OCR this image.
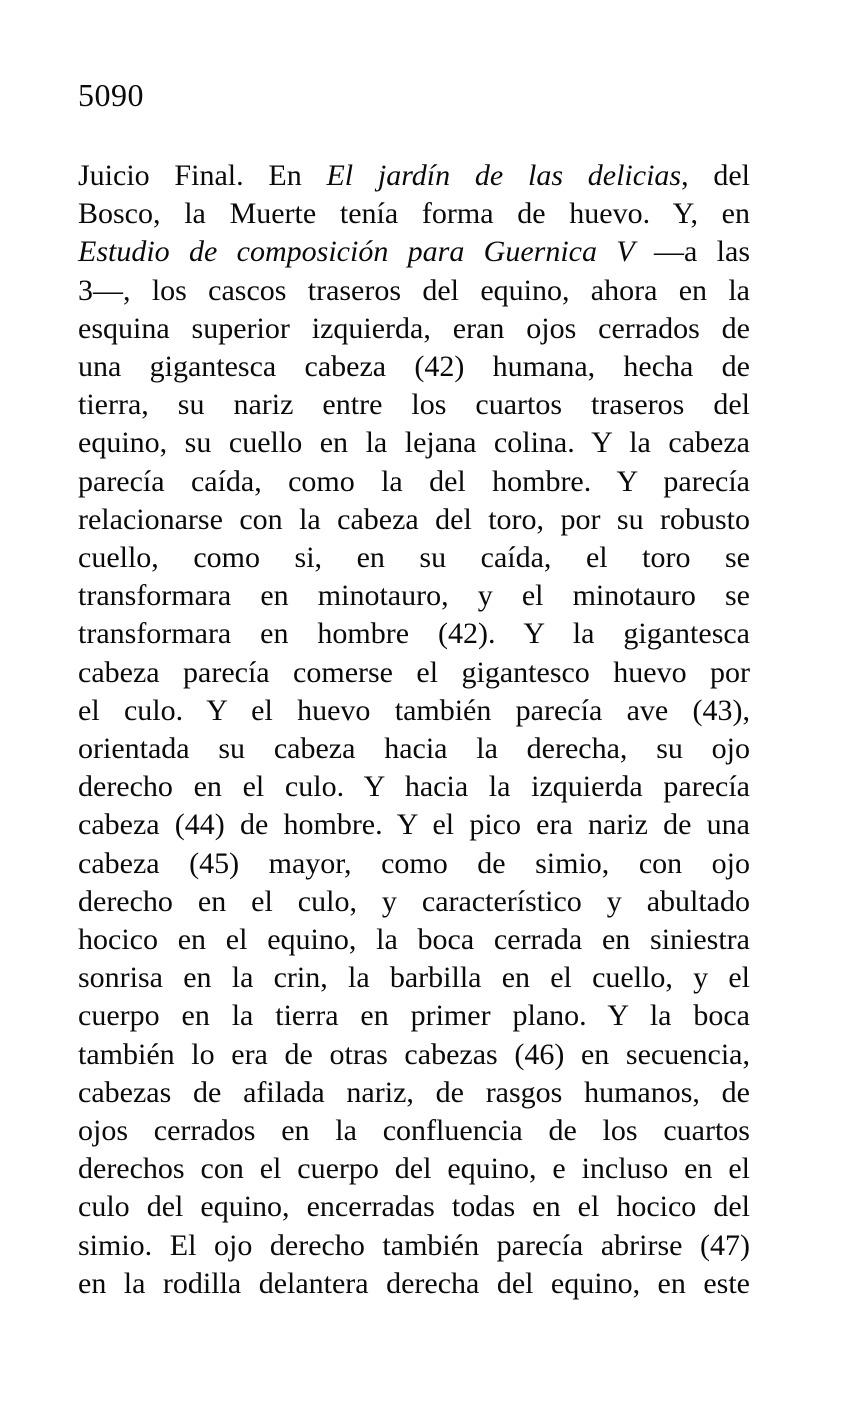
5090
Juicio Final. En El jardín de las delicias, del
Bosco, la Muerte tenía forma de huevo. Y, en
Estudio de composición para Guernica V —a las
3—, los cascos traseros del equino, ahora en la
esquina superior izquierda, eran ojos cerrados de
una gigantesca cabeza (42) humana, hecha de
tierra, su nariz entre los cuartos traseros del
equino, su cuello en la lejana colina. Y la cabeza
parecía caída, como la del hombre. Y parecía
relacionarse con la cabeza del toro, por su robusto
cuello, como si, en su caída, el toro se
transformara en minotauro, y el minotauro se
transformara en hombre (42). Y la gigantesca
cabeza parecía comerse el gigantesco huevo por
el culo. Y el huevo también parecía ave (43),
orientada su cabeza hacia la derecha, su ojo
derecho en el culo. Y hacia la izquierda parecía
cabeza (44) de hombre. Y el pico era nariz de una
cabeza (45) mayor, como de simio, con ojo
derecho en el culo, y característico y abultado
hocico en el equino, la boca cerrada en siniestra
sonrisa en la crin, la barbilla en el cuello, y el
cuerpo en la tierra en primer plano. Y la boca
también lo era de otras cabezas (46) en secuencia,
cabezas de afilada nariz, de rasgos humanos, de
ojos cerrados en la confluencia de los cuartos
derechos con el cuerpo del equino, e incluso en el
culo del equino, encerradas todas en el hocico del
simio. El ojo derecho también parecía abrirse (47)
en la rodilla delantera derecha del equino, en este
